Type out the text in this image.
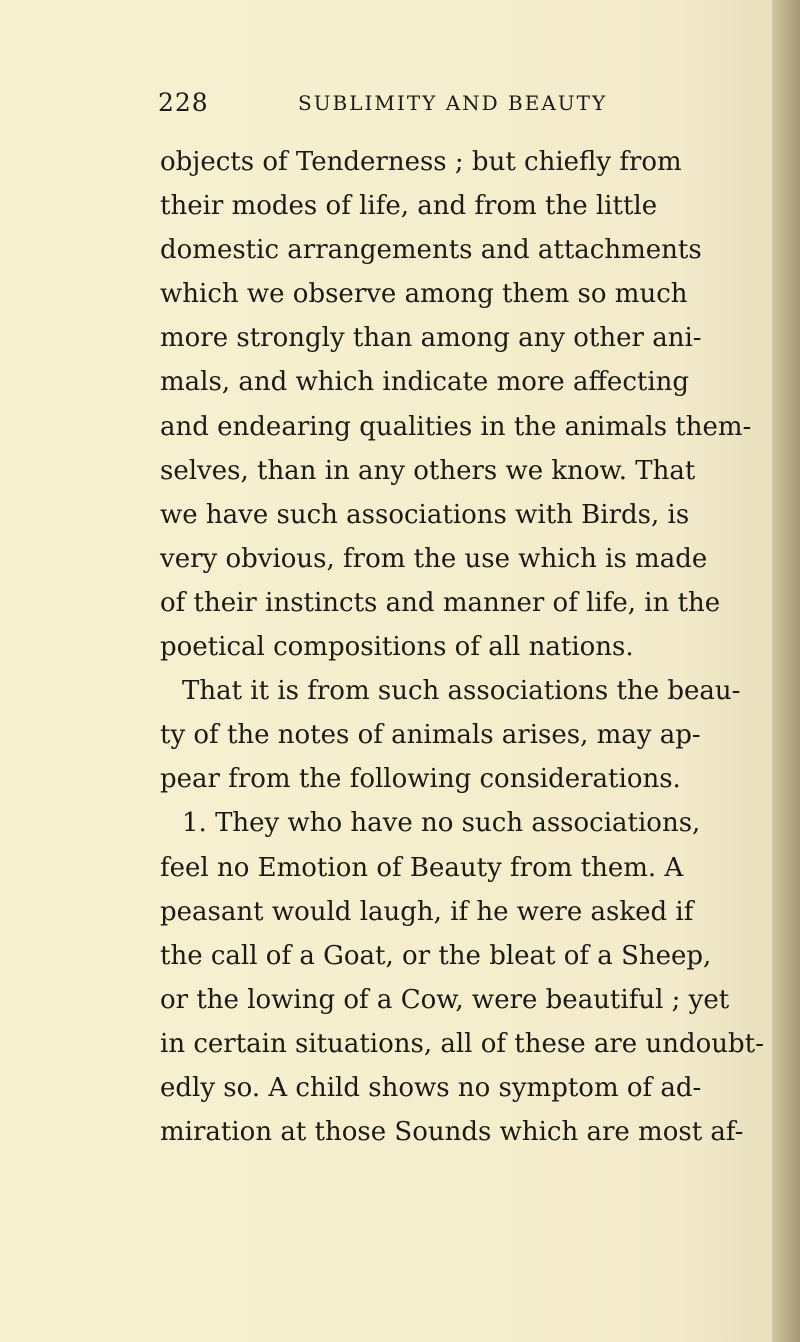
228	SUBLIMITY AND BEAUTY
objects of Tenderness ; but chiefly from
their modes of life, and from the little
domestic arrangements and attachments
which we observe among them so much
more strongly than among any other ani-
mals, and which indicate more affecting
and endearing qualities in the animals them-
selves, than in any others we know. That
we have such associations with Birds, is
very obvious, from the use which is made
of their instincts and manner of life, in the
poetical compositions of all nations.
That it is from such associations the beau-
ty of the notes of animals arises, may ap-
pear from the following considerations.
1. They who have no such associations,
feel no Emotion of Beauty from them. A
peasant would laugh, if he were asked if
the call of a Goat, or the bleat of a Sheep,
or the lowing of a Cow, were beautiful ; yet
in certain situations, all of these are undoubt-
edly so. A child shows no symptom of ad-
miration at those Sounds which are most af-
